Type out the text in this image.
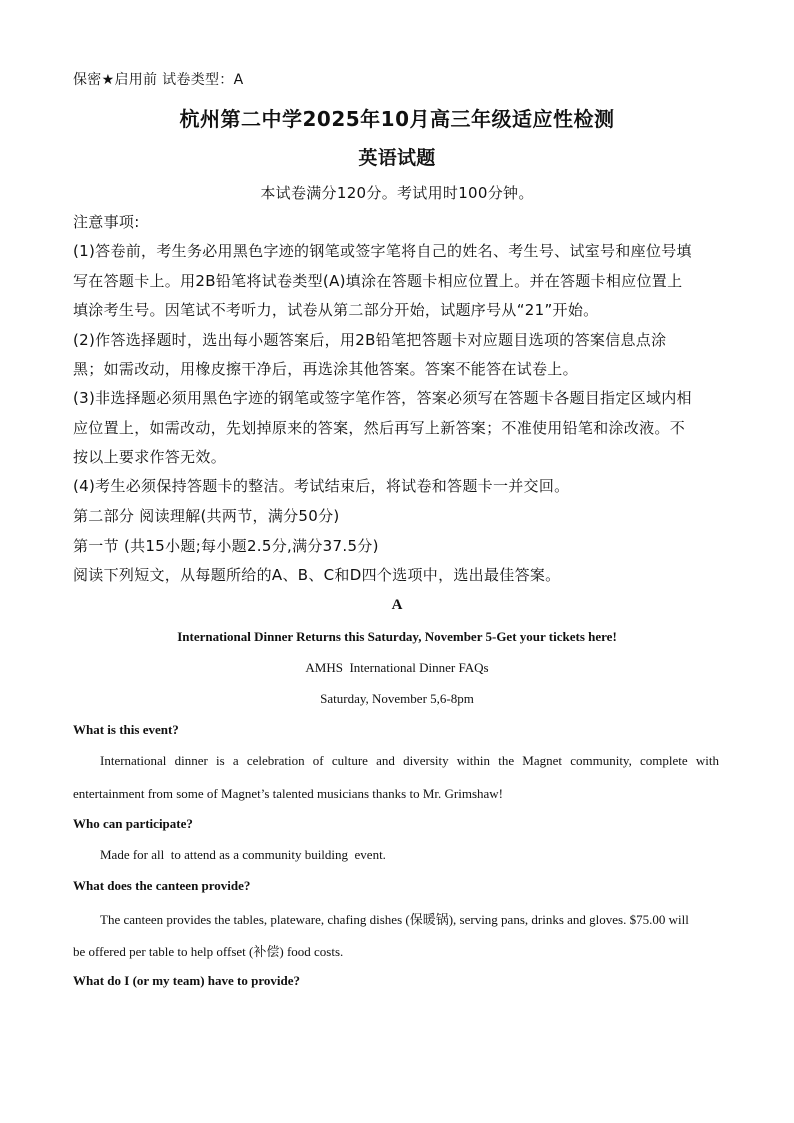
保密★启用前 试卷类型：A
杭州第二中学2025年10月高三年级适应性检测
英语试题
本试卷满分120分。考试用时100分钟。
注意事项:
(1)答卷前，考生务必用黑色字迹的钢笔或签字笔将自己的姓名、考生号、试室号和座位号填
写在答题卡上。用2B铅笔将试卷类型(A)填涂在答题卡相应位置上。并在答题卡相应位置上
填涂考生号。因笔试不考听力，试卷从第二部分开始，试题序号从“21”开始。
(2)作答选择题时，选出每小题答案后，用2B铅笔把答题卡对应题目选项的答案信息点涂
黑；如需改动，用橡皮擦干净后，再选涂其他答案。答案不能答在试卷上。
(3)非选择题必须用黑色字迹的钢笔或签字笔作答，答案必须写在答题卡各题目指定区域内相
应位置上，如需改动，先划掉原来的答案，然后再写上新答案；不准使用铅笔和涂改液。不
按以上要求作答无效。
(4)考生必须保持答题卡的整洁。考试结束后，将试卷和答题卡一并交回。
第二部分 阅读理解(共两节，满分50分)
第一节 (共15小题;每小题2.5分,满分37.5分)
阅读下列短文，从每题所给的A、B、C和D四个选项中，选出最佳答案。
A
International Dinner Returns this Saturday, November 5-Get your tickets here!
AMHS  International Dinner FAQs
Saturday, November 5,6-8pm
What is this event?
International dinner is a celebration of culture and diversity within the Magnet community, complete with
entertainment from some of Magnet’s talented musicians thanks to Mr. Grimshaw!
Who can participate?
Made for all  to attend as a community building  event.
What does the canteen provide?
The canteen provides the tables, plateware, chafing dishes (保暖锅), serving pans, drinks and gloves. $75.00 will
be offered per table to help offset (补偿) food costs.
What do I (or my team) have to provide?
